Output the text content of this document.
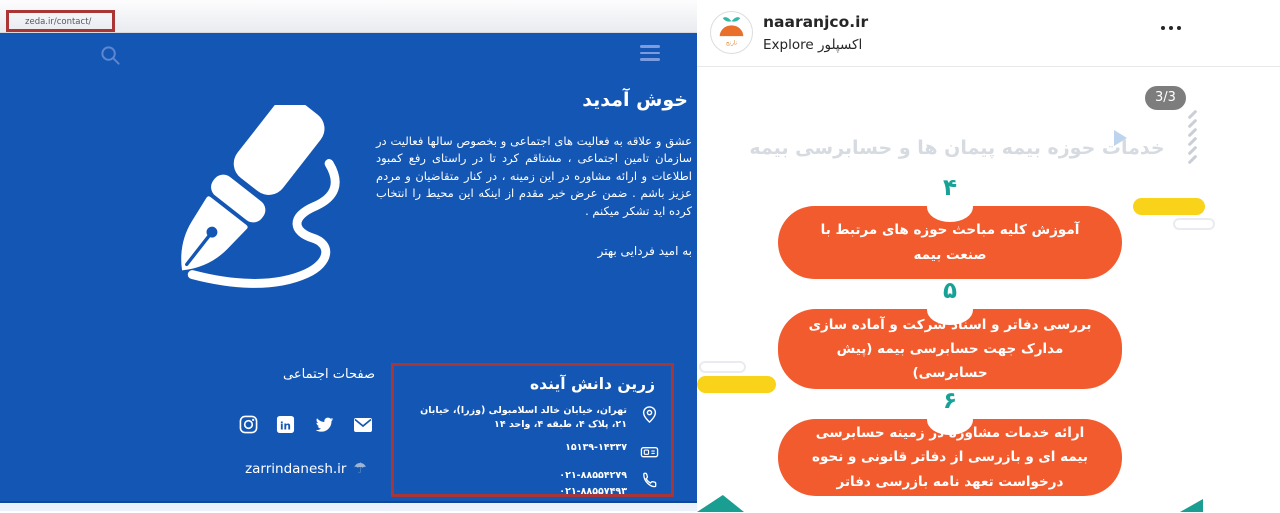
zeda.ir/contact/
خوش آمدید

عشق و علاقه به فعالیت های اجتماعی و بخصوص سالها فعالیت در سازمان تامین اجتماعی ، مشتاقم کرد تا در راستای رفع کمبود اطلاعات و ارائه مشاوره در این زمینه ، در کنار متقاضیان و مردم عزیز باشم . ضمن عرض خیر مقدم از اینکه این محیط را انتخاب کرده اید تشکر میکنم .

به امید فردایی بهتر
صفحات اجتماعی
in
zarrindanesh.ir ☂
زرین دانش آینده
تهران، خیابان خالد اسلامبولی (وزرا)، خیابان ۲۱، پلاک ۴، طبقه ۴، واحد ۱۴
۱۵۱۳۹-۱۴۳۳۷
۰۲۱-۸۸۵۵۴۲۷۹
۰۲۱-۸۸۵۵۷۴۹۳
نارنج
naaranjco.ir
Explore اکسپلور
3/3
خدمات حوزه بیمه پیمان ها و حسابرسی بیمه
۴
آموزش کلیه مباحث حوزه های مرتبط با صنعت بیمه
۵
بررسی دفاتر و اسناد شرکت و آماده سازی مدارک جهت حسابرسی بیمه (پیش حسابرسی)
۶
ارائه خدمات مشاوره در زمینه حسابرسی بیمه ای و بازرسی از دفاتر قانونی و نحوه درخواست تعهد نامه بازرسی دفاتر
